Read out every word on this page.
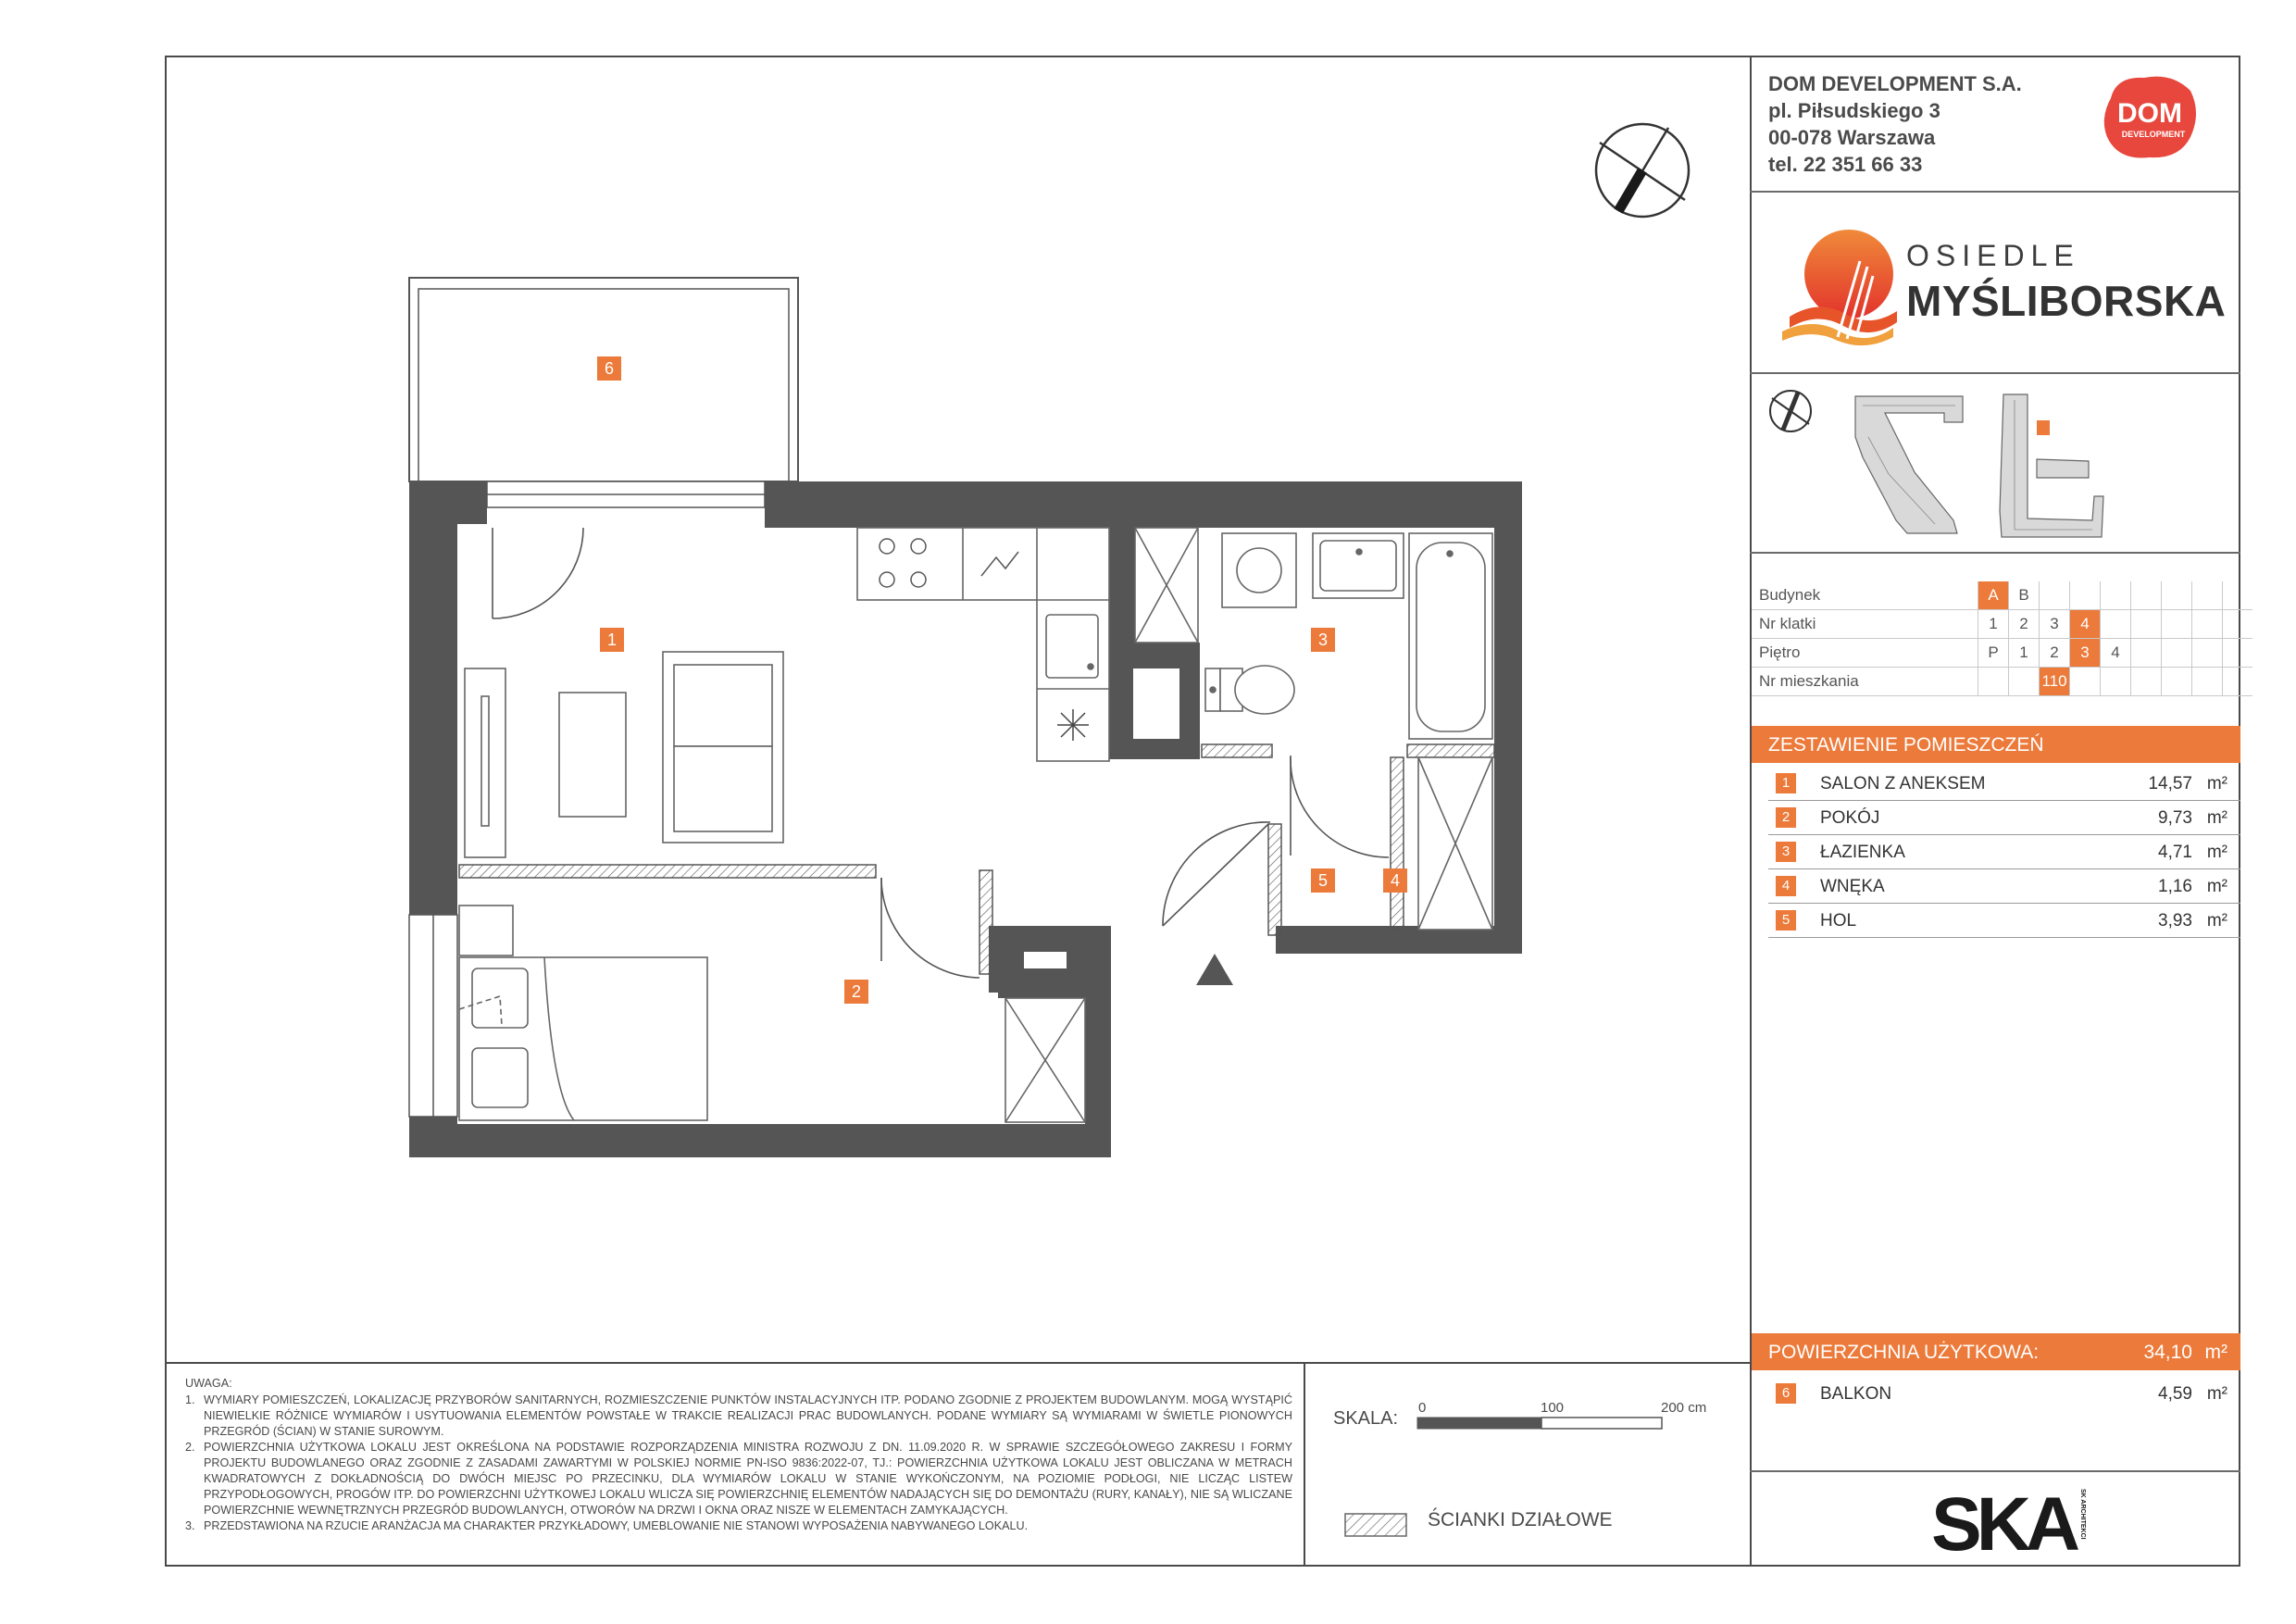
DOM DEVELOPMENT S.A.
pl. Piłsudskiego 3
00-078 Warszawa
tel. 22 351 66 33
DOM
DEVELOPMENT
OSIEDLE
MYŚLIBORSKA
Budynek	A	B							
Nr klatki	1	2	3	4					
Piętro	P	1	2	3	4				
Nr mieszkania			110						
ZESTAWIENIE POMIESZCZEŃ
1	SALON Z ANEKSEM	14,57 m²
2	POKÓJ	9,73 m²
3	ŁAZIENKA	4,71 m²
4	WNĘKA	1,16 m²
5	HOL	3,93 m²
POWIERZCHNIA UŻYTKOWA:	34,10 m²
6	BALKON	4,59 m²
SKA SK ARCHITEKCI
UWAGA:
1. WYMIARY POMIESZCZEŃ, LOKALIZACJĘ PRZYBORÓW SANITARNYCH, ROZMIESZCZENIE PUNKTÓW INSTALACYJNYCH ITP. PODANO ZGODNIE Z PROJEKTEM BUDOWLANYM. MOGĄ WYSTĄPIĆ NIEWIELKIE RÓŻNICE WYMIARÓW I USYTUOWANIA ELEMENTÓW POWSTAŁE W TRAKCIE REALIZACJI PRAC BUDOWLANYCH. PODANE WYMIARY SĄ WYMIARAMI W ŚWIETLE PIONOWYCH PRZEGRÓD (ŚCIAN) W STANIE SUROWYM.
2. POWIERZCHNIA UŻYTKOWA LOKALU JEST OKREŚLONA NA PODSTAWIE ROZPORZĄDZENIA MINISTRA ROZWOJU Z DN. 11.09.2020 R. W SPRAWIE SZCZEGÓŁOWEGO ZAKRESU I FORMY PROJEKTU BUDOWLANEGO ORAZ ZGODNIE Z ZASADAMI ZAWARTYMI W POLSKIEJ NORMIE PN-ISO 9836:2022-07, TJ.: POWIERZCHNIA UŻYTKOWA LOKALU JEST OBLICZANA W METRACH KWADRATOWYCH Z DOKŁADNOŚCIĄ DO DWÓCH MIEJSC PO PRZECINKU, DLA WYMIARÓW LOKALU W STANIE WYKOŃCZONYM, NA POZIOMIE PODŁOGI, NIE LICZĄC LISTEW PRZYPODŁOGOWYCH, PROGÓW ITP. DO POWIERZCHNI UŻYTKOWEJ LOKALU WLICZA SIĘ POWIERZCHNIĘ ELEMENTÓW NADAJĄCYCH SIĘ DO DEMONTAŻU (RURY, KANAŁY), NIE SĄ WLICZANE POWIERZCHNIE WEWNĘTRZNYCH PRZEGRÓD BUDOWLANYCH, OTWORÓW NA DRZWI I OKNA ORAZ NISZE W ELEMENTACH ZAMYKAJĄCYCH.
3. PRZEDSTAWIONA NA RZUCIE ARANŻACJA MA CHARAKTER PRZYKŁADOWY, UMEBLOWANIE NIE STANOWI WYPOSAŻENIA NABYWANEGO LOKALU.
SKALA:
0	100	200 cm
ŚCIANKI DZIAŁOWE
6
1	3
5	4
2
